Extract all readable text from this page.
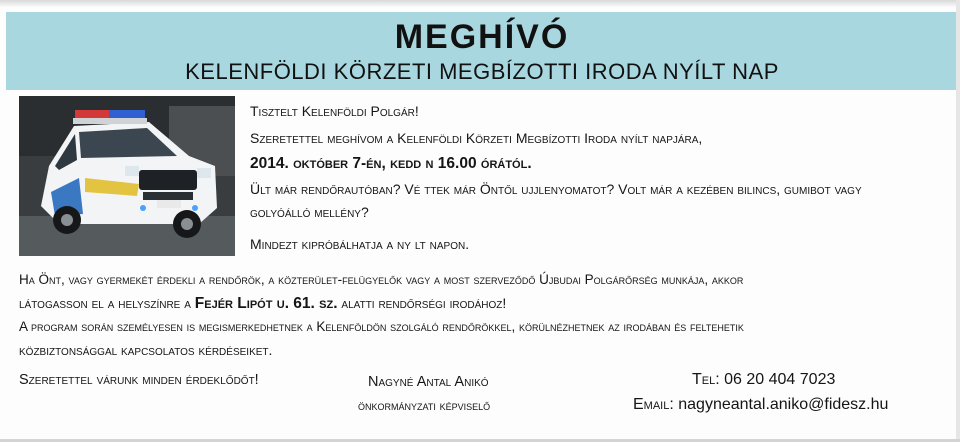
MEGHÍVÓ
KELENFÖLDI KÖRZETI MEGBÍZOTTI IRODA NYÍLT NAP
Tisztelt Kelenföldi Polgár!
Szeretettel meghívom a Kelenföldi Körzeti Megbízotti Iroda nyílt napjára,
2014. október 7-én, kedd n 16.00 órától.
Ült már rendőrautóban? Vé ttek már Öntől ujjlenyomatot? Volt már a kezében bilincs, gumibot vagy
golyóálló mellény?
Mindezt kipróbálhatja a ny lt napon.
Ha Önt, vagy gyermekét érdekli a rendőrök, a közterület-felügyelők vagy a most szerveződő Újbudai Polgárőrség munkája, akkor
látogasson el a helyszínre a Fejér Lipót u. 61. sz. alatti rendőrségi irodához!
A program során személyesen is megismerkedhetnek a Kelenföldön szolgáló rendőrökkel, körülnézhetnek az irodában és feltehetik
közbiztonsággal kapcsolatos kérdéseiket.
Szeretettel várunk minden érdeklődőt!	Nagyné Antal Anikó
önkormányzati képviselő
Tel: 06 20 404 7023
Email: nagyneantal.aniko@fidesz.hu
